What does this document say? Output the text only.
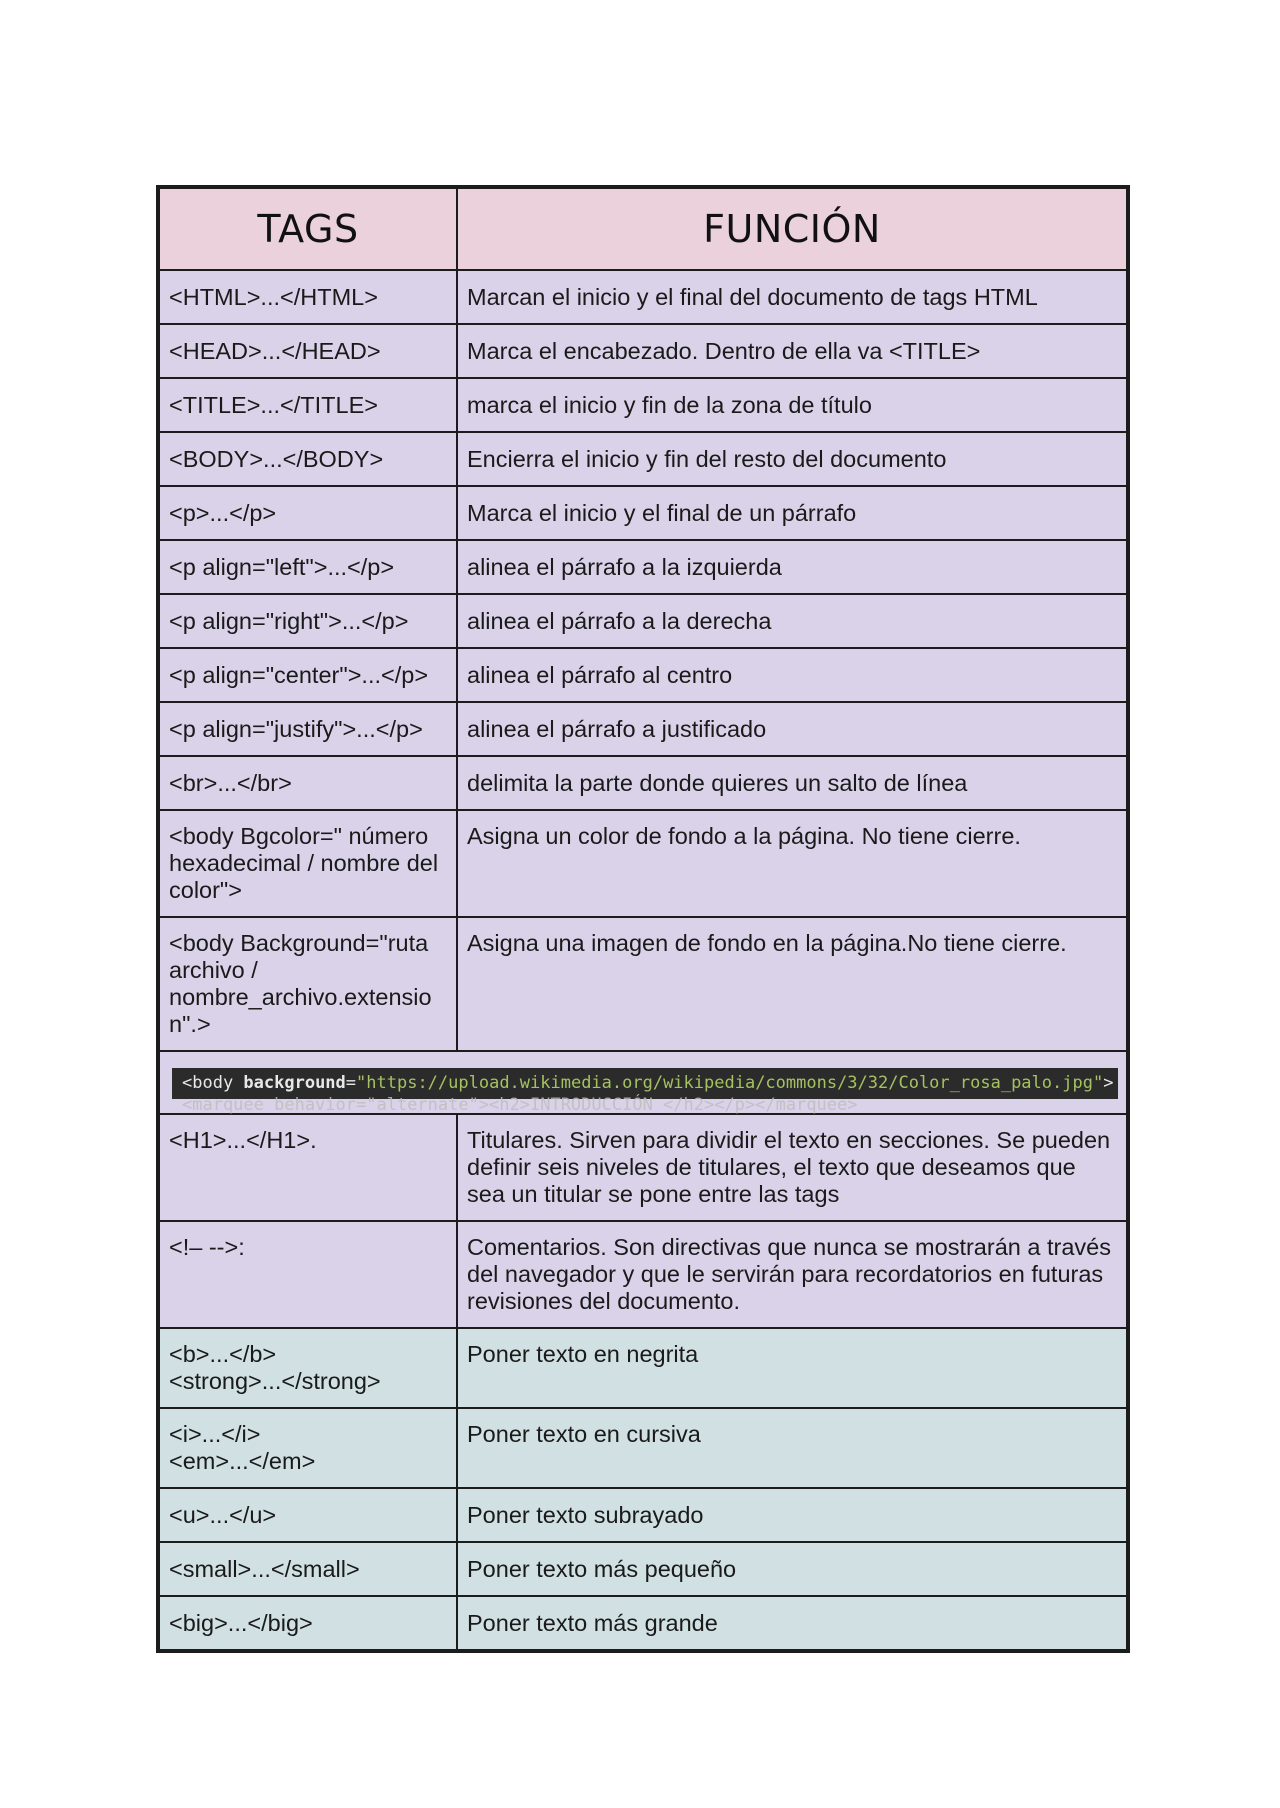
TAGS	FUNCIÓN

<HTML>...</HTML>	Marcan el inicio y el final del documento de tags HTML

<HEAD>...</HEAD>	Marca el encabezado. Dentro de ella va <TITLE>

<TITLE>...</TITLE>	marca el inicio y fin de la zona de título

<BODY>...</BODY>	Encierra el inicio y fin del resto del documento

<p>...</p>	Marca el inicio y el final de un párrafo

<p align="left">...</p>	alinea el párrafo a la izquierda

<p align="right">...</p>	alinea el párrafo a la derecha

<p align="center">...</p>	alinea el párrafo al centro

<p align="justify">...</p>	alinea el párrafo a justificado

<br>...</br>	delimita la parte donde quieres un salto de línea

<body Bgcolor=" número hexadecimal / nombre del color">	Asigna un color de fondo a la página. No tiene cierre.

<body Background="ruta archivo / nombre_archivo.extensio n".>	Asigna una imagen de fondo en la página.No tiene cierre.

<body background="https://upload.wikimedia.org/wikipedia/commons/3/32/Color_rosa_palo.jpg">
<marquee behavior="alternate"><h2>INTRODUCCIÓN </h2></p></marquee>	

<H1>...</H1>.	Titulares. Sirven para dividir el texto en secciones. Se pueden definir seis niveles de titulares, el texto que deseamos que sea un titular se pone entre las tags

<!– -->:	Comentarios. Son directivas que nunca se mostrarán a través del navegador y que le servirán para recordatorios en futuras revisiones del documento.

<b>...</b>
<strong>...</strong>	Poner texto en negrita

<i>...</i>
<em>...</em>	Poner texto en cursiva

<u>...</u>	Poner texto subrayado

<small>...</small>	Poner texto más pequeño

<big>...</big>	Poner texto más grande
